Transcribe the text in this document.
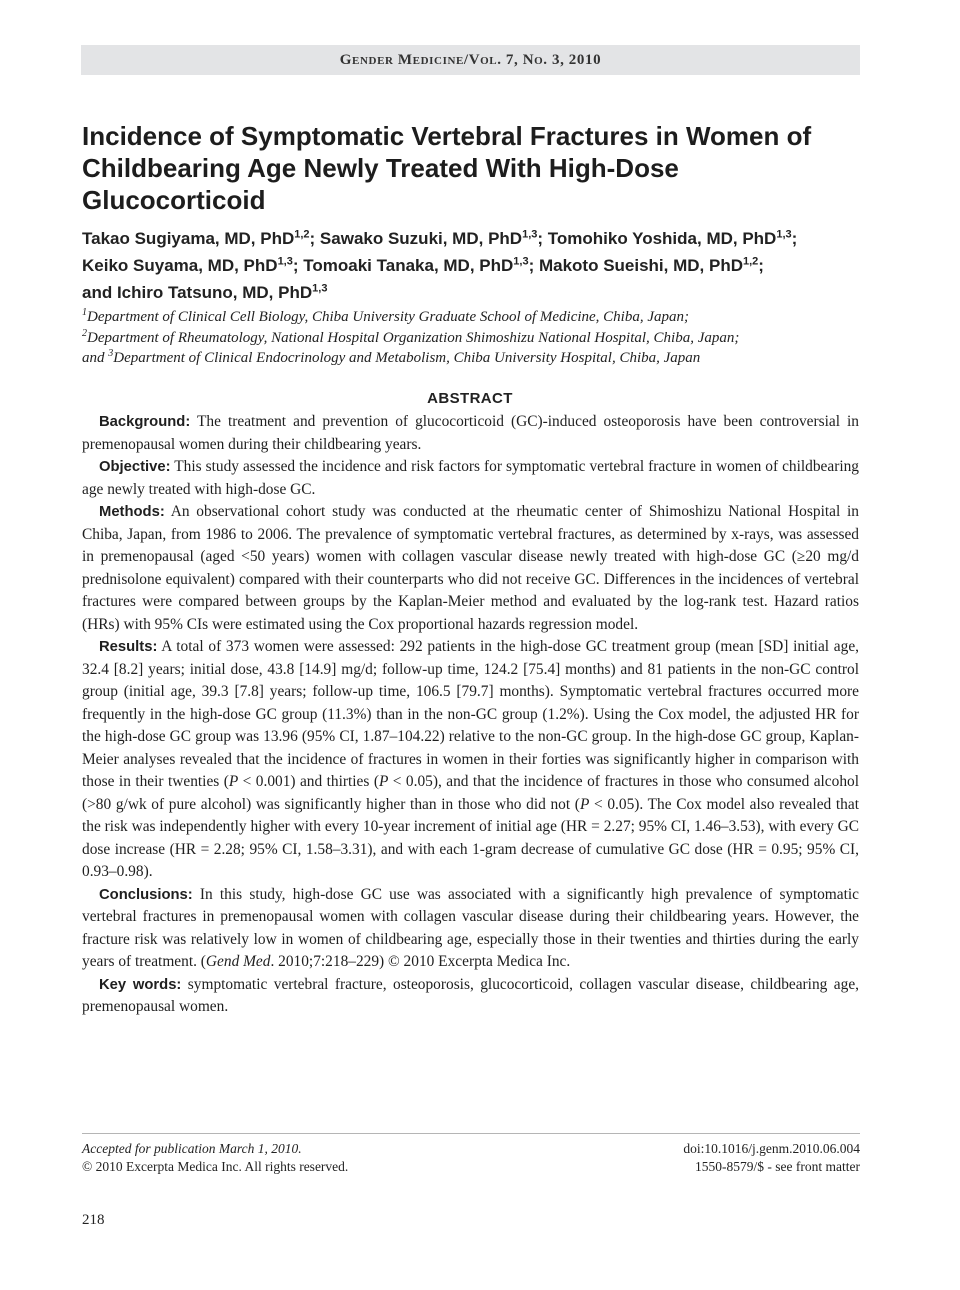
Gender Medicine/Vol. 7, No. 3, 2010
Incidence of Symptomatic Vertebral Fractures in Women of Childbearing Age Newly Treated With High-Dose Glucocorticoid
Takao Sugiyama, MD, PhD$^{1,2}$; Sawako Suzuki, MD, PhD$^{1,3}$; Tomohiko Yoshida, MD, PhD$^{1,3}$;
Keiko Suyama, MD, PhD$^{1,3}$; Tomoaki Tanaka, MD, PhD$^{1,3}$; Makoto Sueishi, MD, PhD$^{1,2}$;
and Ichiro Tatsuno, MD, PhD$^{1,3}$
$^1$Department of Clinical Cell Biology, Chiba University Graduate School of Medicine, Chiba, Japan;
$^2$Department of Rheumatology, National Hospital Organization Shimoshizu National Hospital, Chiba, Japan;
and $^3$Department of Clinical Endocrinology and Metabolism, Chiba University Hospital, Chiba, Japan
ABSTRACT

Background: The treatment and prevention of glucocorticoid (GC)-induced osteoporosis have been controversial in premenopausal women during their childbearing years.

Objective: This study assessed the incidence and risk factors for symptomatic vertebral fracture in women of childbearing age newly treated with high-dose GC.

Methods: An observational cohort study was conducted at the rheumatic center of Shimoshizu National Hospital in Chiba, Japan, from 1986 to 2006. The prevalence of symptomatic vertebral fractures, as determined by x-rays, was assessed in premenopausal (aged <50 years) women with collagen vascular disease newly treated with high-dose GC (≥20 mg/d prednisolone equivalent) compared with their counterparts who did not receive GC. Differences in the incidences of vertebral fractures were compared between groups by the Kaplan-Meier method and evaluated by the log-rank test. Hazard ratios (HRs) with 95% CIs were estimated using the Cox proportional hazards regression model.

Results: A total of 373 women were assessed: 292 patients in the high-dose GC treatment group (mean [SD] initial age, 32.4 [8.2] years; initial dose, 43.8 [14.9] mg/d; follow-up time, 124.2 [75.4] months) and 81 patients in the non-GC control group (initial age, 39.3 [7.8] years; follow-up time, 106.5 [79.7] months). Symptomatic vertebral fractures occurred more frequently in the high-dose GC group (11.3%) than in the non-GC group (1.2%). Using the Cox model, the adjusted HR for the high-dose GC group was 13.96 (95% CI, 1.87–104.22) relative to the non-GC group. In the high-dose GC group, Kaplan-Meier analyses revealed that the incidence of fractures in women in their forties was significantly higher in comparison with those in their twenties (P < 0.001) and thirties (P < 0.05), and that the incidence of fractures in those who consumed alcohol (>80 g/wk of pure alcohol) was significantly higher than in those who did not (P < 0.05). The Cox model also revealed that the risk was independently higher with every 10-year increment of initial age (HR = 2.27; 95% CI, 1.46–3.53), with every GC dose increase (HR = 2.28; 95% CI, 1.58–3.31), and with each 1-gram decrease of cumulative GC dose (HR = 0.95; 95% CI, 0.93–0.98).

Conclusions: In this study, high-dose GC use was associated with a significantly high prevalence of symptomatic vertebral fractures in premenopausal women with collagen vascular disease during their childbearing years. However, the fracture risk was relatively low in women of childbearing age, especially those in their twenties and thirties during the early years of treatment. (Gend Med. 2010;7:218–229) © 2010 Excerpta Medica Inc.

Key words: symptomatic vertebral fracture, osteoporosis, glucocorticoid, collagen vascular disease, childbearing age, premenopausal women.

Accepted for publication March 1, 2010.
© 2010 Excerpta Medica Inc. All rights reserved.
doi:10.1016/j.genm.2010.06.004
1550-8579/$ - see front matter
218
